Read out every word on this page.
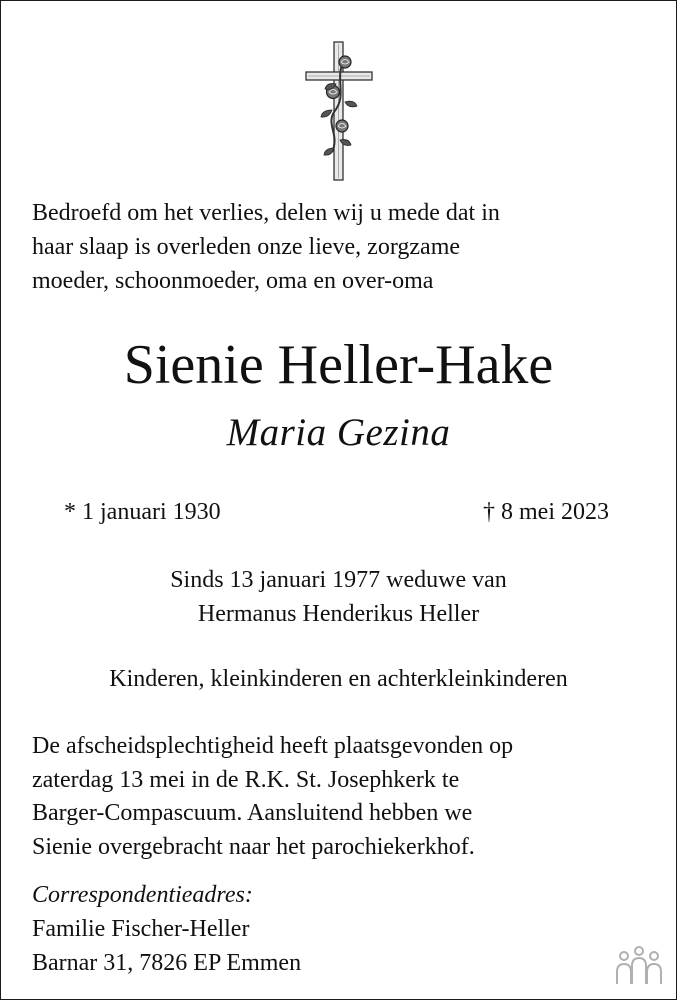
Bedroefd om het verlies, delen wij u mede dat in
haar slaap is overleden onze lieve, zorgzame
moeder, schoonmoeder, oma en over-oma
Sienie Heller-Hake
Maria Gezina
* 1 januari 1930	† 8 mei 2023
Sinds 13 januari 1977 weduwe van
Hermanus Henderikus Heller
Kinderen, kleinkinderen en achterkleinkinderen
De afscheidsplechtigheid heeft plaatsgevonden op
zaterdag 13 mei in de R.K. St. Josephkerk te
Barger-Compascuum. Aansluitend hebben we
Sienie overgebracht naar het parochiekerkhof.
Correspondentieadres:
Familie Fischer-Heller
Barnar 31, 7826 EP Emmen
